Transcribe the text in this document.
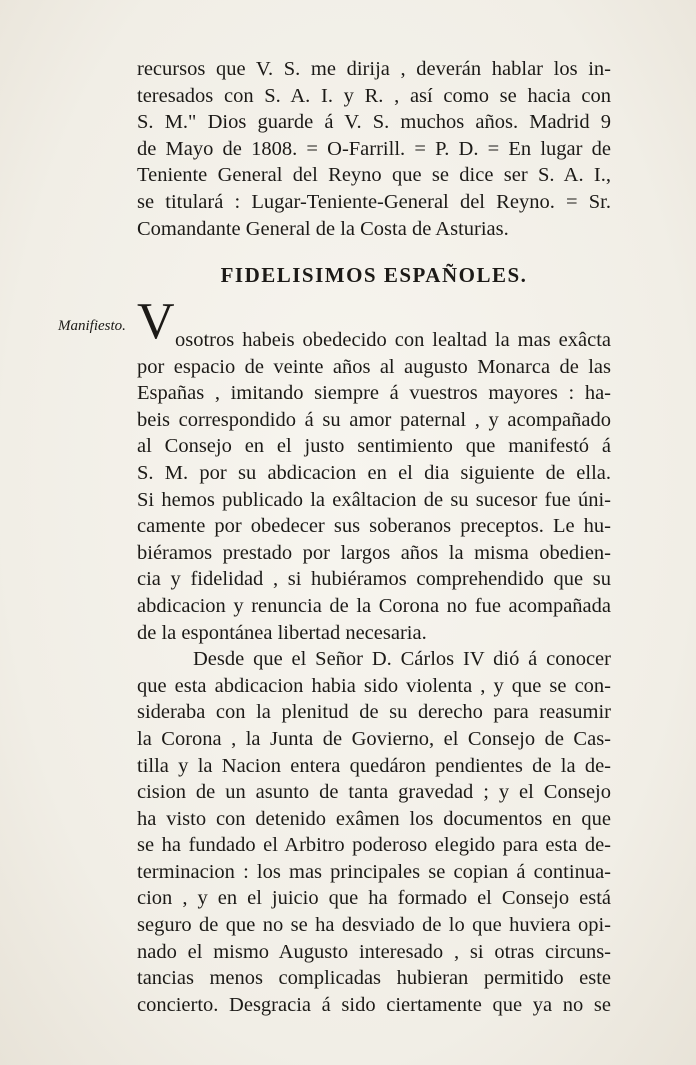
recursos que V. S. me dirija , deverán hablar los in-
teresados con S. A. I. y R. , así como se hacia con
S. M." Dios guarde á V. S. muchos años. Madrid 9
de Mayo de 1808. = O-Farrill. = P. D. = En lugar de
Teniente General del Reyno que se dice ser S. A. I.,
se titulará : Lugar-Teniente-General del Reyno. = Sr.
Comandante General de la Costa de Asturias.
FIDELISIMOS ESPAÑOLES.
Manifiesto. V osotros habeis obedecido con lealtad la mas exâcta
por espacio de veinte años al augusto Monarca de las
Españas , imitando siempre á vuestros mayores : ha-
beis correspondido á su amor paternal , y acompañado
al Consejo en el justo sentimiento que manifestó á
S. M. por su abdicacion en el dia siguiente de ella.
Si hemos publicado la exâltacion de su sucesor fue úni-
camente por obedecer sus soberanos preceptos. Le hu-
biéramos prestado por largos años la misma obedien-
cia y fidelidad , si hubiéramos comprehendido que su
abdicacion y renuncia de la Corona no fue acompañada
de la espontánea libertad necesaria.
Desde que el Señor D. Cárlos IV dió á conocer
que esta abdicacion habia sido violenta , y que se con-
sideraba con la plenitud de su derecho para reasumir
la Corona , la Junta de Govierno, el Consejo de Cas-
tilla y la Nacion entera quedáron pendientes de la de-
cision de un asunto de tanta gravedad ; y el Consejo
ha visto con detenido exâmen los documentos en que
se ha fundado el Arbitro poderoso elegido para esta de-
terminacion : los mas principales se copian á continua-
cion , y en el juicio que ha formado el Consejo está
seguro de que no se ha desviado de lo que huviera opi-
nado el mismo Augusto interesado , si otras circuns-
tancias menos complicadas hubieran permitido este
concierto. Desgracia á sido ciertamente que ya no se
